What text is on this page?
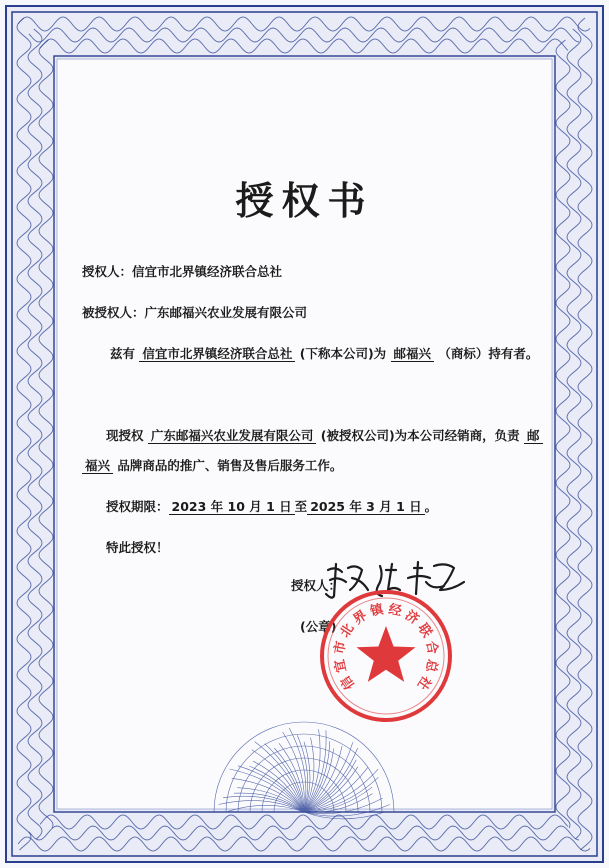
授权书
授权人：信宜市北界镇经济联合总社
被授权人：广东邮福兴农业发展有限公司
兹有 信宜市北界镇经济联合总社 (下称本公司)为 邮福兴 （商标）持有者。
现授权 广东邮福兴农业发展有限公司 (被授权公司)为本公司经销商，负责 邮
福兴 品牌商品的推广、销售及售后服务工作。
授权期限： 2023 年 10 月 1 日 至 2025 年 3 月 1 日 。
特此授权！
授权人：
(公章)
信
宜
市
北
界 镇 经 济
联
合
总
社
